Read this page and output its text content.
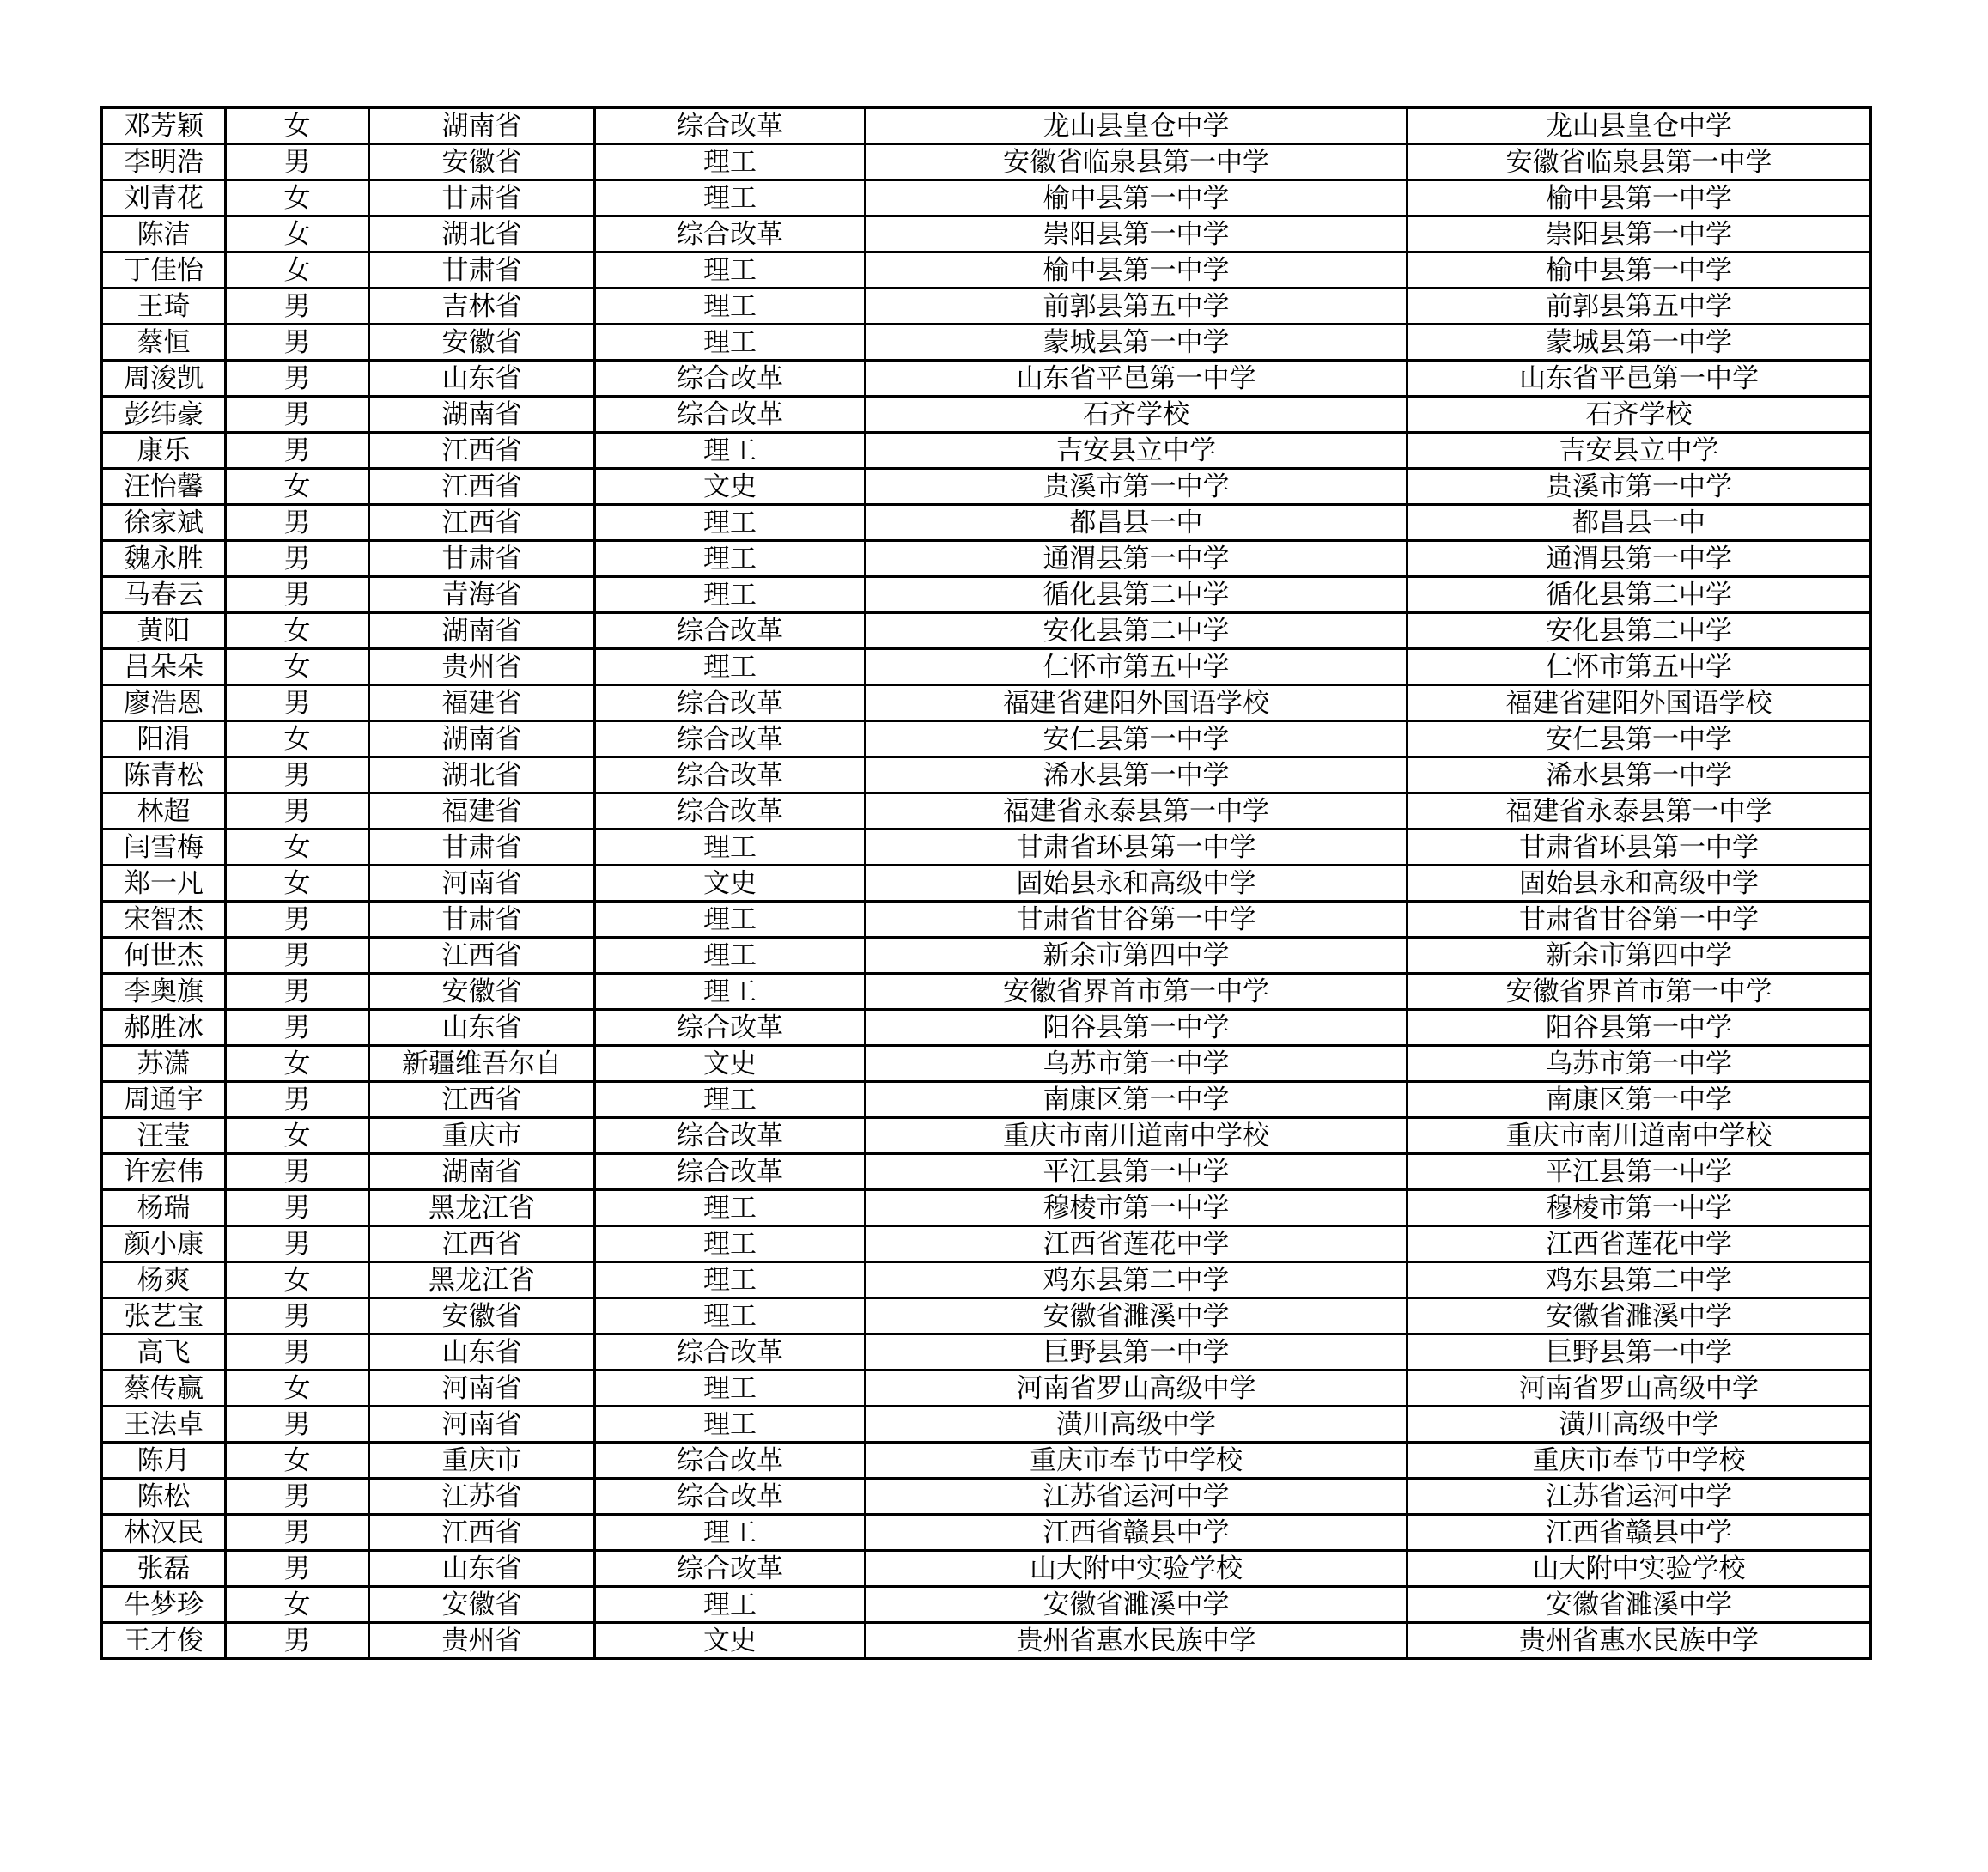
邓芳颖	女	湖南省	综合改革	龙山县皇仓中学	龙山县皇仓中学
李明浩	男	安徽省	理工	安徽省临泉县第一中学	安徽省临泉县第一中学
刘青花	女	甘肃省	理工	榆中县第一中学	榆中县第一中学
陈洁	女	湖北省	综合改革	崇阳县第一中学	崇阳县第一中学
丁佳怡	女	甘肃省	理工	榆中县第一中学	榆中县第一中学
王琦	男	吉林省	理工	前郭县第五中学	前郭县第五中学
蔡恒	男	安徽省	理工	蒙城县第一中学	蒙城县第一中学
周浚凯	男	山东省	综合改革	山东省平邑第一中学	山东省平邑第一中学
彭纬豪	男	湖南省	综合改革	石齐学校	石齐学校
康乐	男	江西省	理工	吉安县立中学	吉安县立中学
汪怡馨	女	江西省	文史	贵溪市第一中学	贵溪市第一中学
徐家斌	男	江西省	理工	都昌县一中	都昌县一中
魏永胜	男	甘肃省	理工	通渭县第一中学	通渭县第一中学
马春云	男	青海省	理工	循化县第二中学	循化县第二中学
黄阳	女	湖南省	综合改革	安化县第二中学	安化县第二中学
吕朵朵	女	贵州省	理工	仁怀市第五中学	仁怀市第五中学
廖浩恩	男	福建省	综合改革	福建省建阳外国语学校	福建省建阳外国语学校
阳涓	女	湖南省	综合改革	安仁县第一中学	安仁县第一中学
陈青松	男	湖北省	综合改革	浠水县第一中学	浠水县第一中学
林超	男	福建省	综合改革	福建省永泰县第一中学	福建省永泰县第一中学
闫雪梅	女	甘肃省	理工	甘肃省环县第一中学	甘肃省环县第一中学
郑一凡	女	河南省	文史	固始县永和高级中学	固始县永和高级中学
宋智杰	男	甘肃省	理工	甘肃省甘谷第一中学	甘肃省甘谷第一中学
何世杰	男	江西省	理工	新余市第四中学	新余市第四中学
李奥旗	男	安徽省	理工	安徽省界首市第一中学	安徽省界首市第一中学
郝胜冰	男	山东省	综合改革	阳谷县第一中学	阳谷县第一中学
苏潇	女	新疆维吾尔自	文史	乌苏市第一中学	乌苏市第一中学
周通宇	男	江西省	理工	南康区第一中学	南康区第一中学
汪莹	女	重庆市	综合改革	重庆市南川道南中学校	重庆市南川道南中学校
许宏伟	男	湖南省	综合改革	平江县第一中学	平江县第一中学
杨瑞	男	黑龙江省	理工	穆棱市第一中学	穆棱市第一中学
颜小康	男	江西省	理工	江西省莲花中学	江西省莲花中学
杨爽	女	黑龙江省	理工	鸡东县第二中学	鸡东县第二中学
张艺宝	男	安徽省	理工	安徽省濉溪中学	安徽省濉溪中学
高飞	男	山东省	综合改革	巨野县第一中学	巨野县第一中学
蔡传赢	女	河南省	理工	河南省罗山高级中学	河南省罗山高级中学
王法卓	男	河南省	理工	潢川高级中学	潢川高级中学
陈月	女	重庆市	综合改革	重庆市奉节中学校	重庆市奉节中学校
陈松	男	江苏省	综合改革	江苏省运河中学	江苏省运河中学
林汉民	男	江西省	理工	江西省赣县中学	江西省赣县中学
张磊	男	山东省	综合改革	山大附中实验学校	山大附中实验学校
牛梦珍	女	安徽省	理工	安徽省濉溪中学	安徽省濉溪中学
王才俊	男	贵州省	文史	贵州省惠水民族中学	贵州省惠水民族中学
